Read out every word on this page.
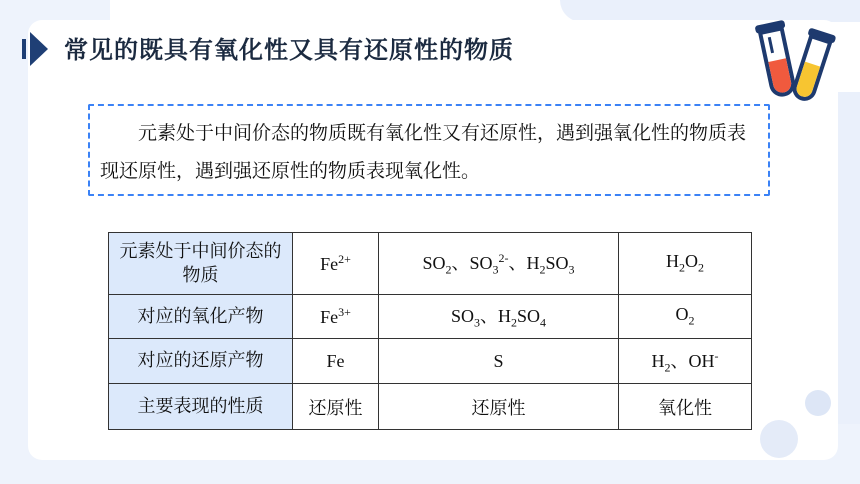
常见的既具有氧化性又具有还原性的物质
元素处于中间价态的物质既有氧化性又有还原性，遇到强氧化性的物质表现还原性，遇到强还原性的物质表现氧化性。
元素处于中间价态的物质	$Fe^{2+}$	$SO_2$、$SO_3^{2-}$、$H_2SO_3$	$H_2O_2$
对应的氧化产物	$Fe^{3+}$	$SO_3$、$H_2SO_4$	$O_2$
对应的还原产物	Fe	S	$H_2$、OH-
主要表现的性质	还原性	还原性	氧化性
